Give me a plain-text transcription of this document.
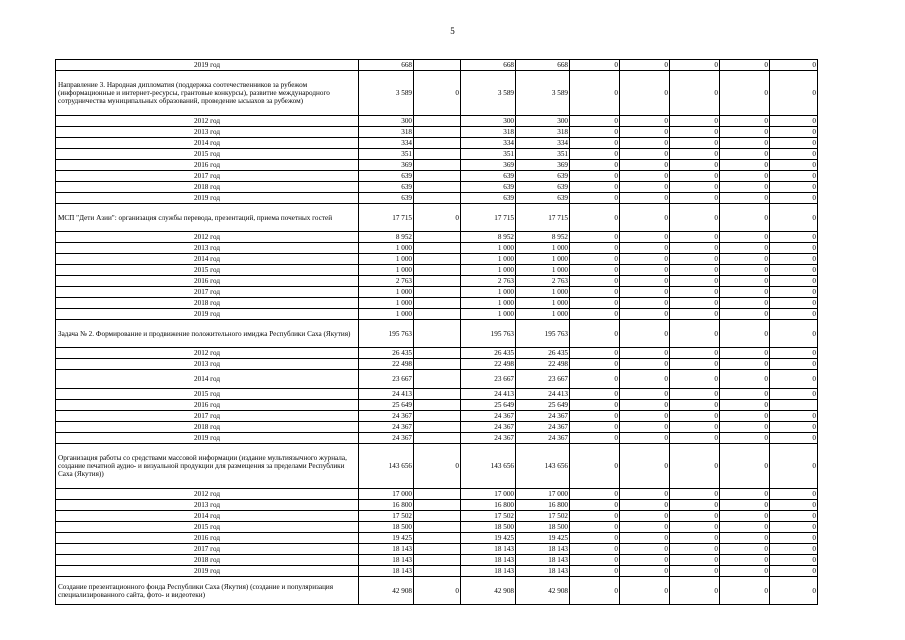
5
2019 год	668		668	668	0	0	0	0	0
Направление 3. Народная дипломатия (поддержка соотечественников за рубежом (информационные и интернет-ресурсы, грантовые конкурсы), развитие международного сотрудничества муниципальных образований, проведение ысыахов за рубежом)	3 589	0	3 589	3 589	0	0	0	0	0
2012 год	300		300	300	0	0	0	0	0
2013 год	318		318	318	0	0	0	0	0
2014 год	334		334	334	0	0	0	0	0
2015 год	351		351	351	0	0	0	0	0
2016 год	369		369	369	0	0	0	0	0
2017 год	639		639	639	0	0	0	0	0
2018 год	639		639	639	0	0	0	0	0
2019 год	639		639	639	0	0	0	0	0
МСП "Дети Азии": организация службы перевода, презентаций, приема почетных гостей	17 715	0	17 715	17 715	0	0	0	0	0
2012 год	8 952		8 952	8 952	0	0	0	0	0
2013 год	1 000		1 000	1 000	0	0	0	0	0
2014 год	1 000		1 000	1 000	0	0	0	0	0
2015 год	1 000		1 000	1 000	0	0	0	0	0
2016 год	2 763		2 763	2 763	0	0	0	0	0
2017 год	1 000		1 000	1 000	0	0	0	0	0
2018 год	1 000		1 000	1 000	0	0	0	0	0
2019 год	1 000		1 000	1 000	0	0	0	0	0
Задача № 2. Формирование и продвижение положительного имиджа Республики Саха (Якутия)	195 763		195 763	195 763	0	0	0	0	0
2012 год	26 435		26 435	26 435	0	0	0	0	0
2013 год	22 498		22 498	22 498	0	0	0	0	0
2014 год	23 667		23 667	23 667	0	0	0	0	0
2015 год	24 413		24 413	24 413	0	0	0	0	0
2016 год	25 649		25 649	25 649	0	0	0	0	
2017 год	24 367		24 367	24 367	0	0	0	0	0
2018 год	24 367		24 367	24 367	0	0	0	0	0
2019 год	24 367		24 367	24 367	0	0	0	0	0
Организация работы со средствами массовой информации (издание мультиязычного журнала, создание печатной аудио- и визуальной продукции для размещения за пределами Республики Саха (Якутия))	143 656	0	143 656	143 656	0	0	0	0	0
2012 год	17 000		17 000	17 000	0	0	0	0	0
2013 год	16 800		16 800	16 800	0	0	0	0	0
2014 год	17 502		17 502	17 502	0	0	0	0	0
2015 год	18 500		18 500	18 500	0	0	0	0	0
2016 год	19 425		19 425	19 425	0	0	0	0	0
2017 год	18 143		18 143	18 143	0	0	0	0	0
2018 год	18 143		18 143	18 143	0	0	0	0	0
2019 год	18 143		18 143	18 143	0	0	0	0	0
Создание презентационного фонда Республики Саха (Якутия) (создание и популяризация специализированного сайта, фото- и видеотеки)	42 908	0	42 908	42 908	0	0	0	0	0
